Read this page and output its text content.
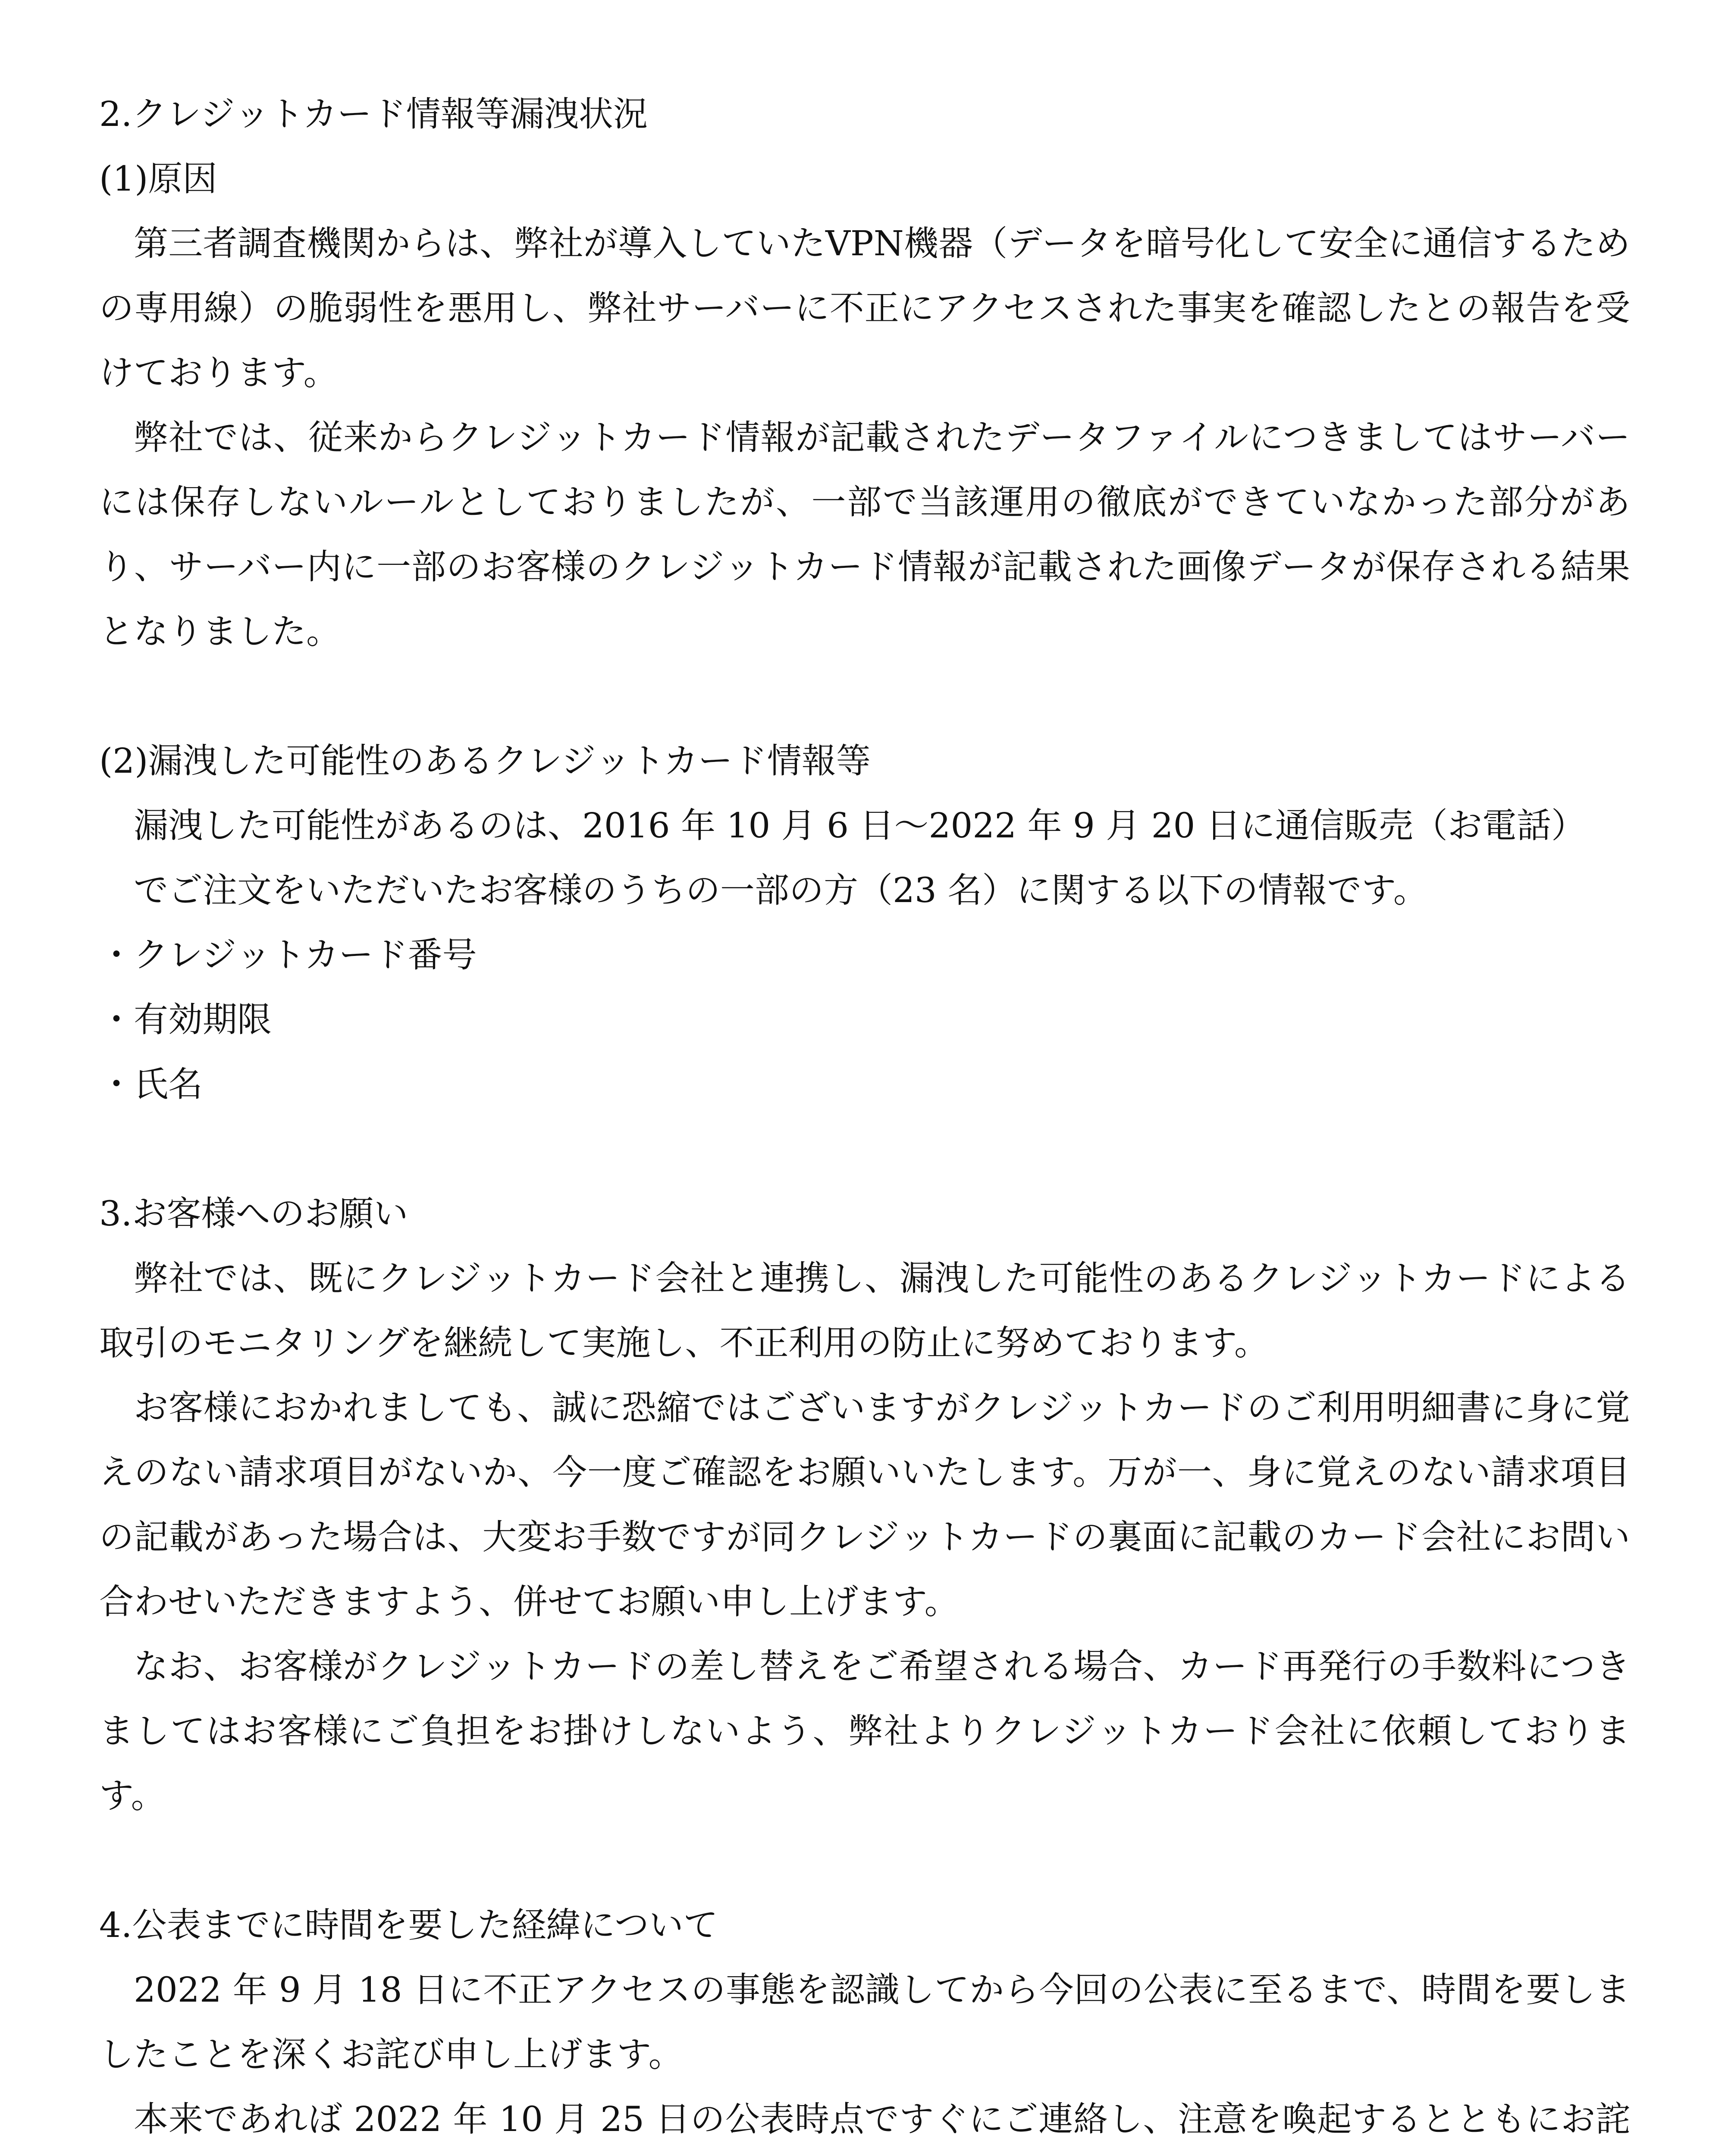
2.クレジットカード情報等漏洩状況
(1)原因

第三者調査機関からは、弊社が導入していたVPN機器（データを暗号化して安全に通信するための専用線）の脆弱性を悪用し、弊社サーバーに不正にアクセスされた事実を確認したとの報告を受けております。

弊社では、従来からクレジットカード情報が記載されたデータファイルにつきましてはサーバーには保存しないルールとしておりましたが、一部で当該運用の徹底ができていなかった部分があり、サーバー内に一部のお客様のクレジットカード情報が記載された画像データが保存される結果となりました。

(2)漏洩した可能性のあるクレジットカード情報等

漏洩した可能性があるのは、2016 年 10 月 6 日～2022 年 9 月 20 日に通信販売（お電話）

でご注文をいただいたお客様のうちの一部の方（23 名）に関する以下の情報です。

・クレジットカード番号
・有効期限
・氏名
3.お客様へのお願い

弊社では、既にクレジットカード会社と連携し、漏洩した可能性のあるクレジットカードによる取引のモニタリングを継続して実施し、不正利用の防止に努めております。

お客様におかれましても、誠に恐縮ではございますがクレジットカードのご利用明細書に身に覚えのない請求項目がないか、今一度ご確認をお願いいたします。万が一、身に覚えのない請求項目の記載があった場合は、大変お手数ですが同クレジットカードの裏面に記載のカード会社にお問い合わせいただきますよう、併せてお願い申し上げます。

なお、お客様がクレジットカードの差し替えをご希望される場合、カード再発行の手数料につきましてはお客様にご負担をお掛けしないよう、弊社よりクレジットカード会社に依頼しております。

4.公表までに時間を要した経緯について

2022 年 9 月 18 日に不正アクセスの事態を認識してから今回の公表に至るまで、時間を要しましたことを深くお詫び申し上げます。

本来であれば 2022 年 10 月 25 日の公表時点ですぐにご連絡し、注意を喚起するとともにお詫
